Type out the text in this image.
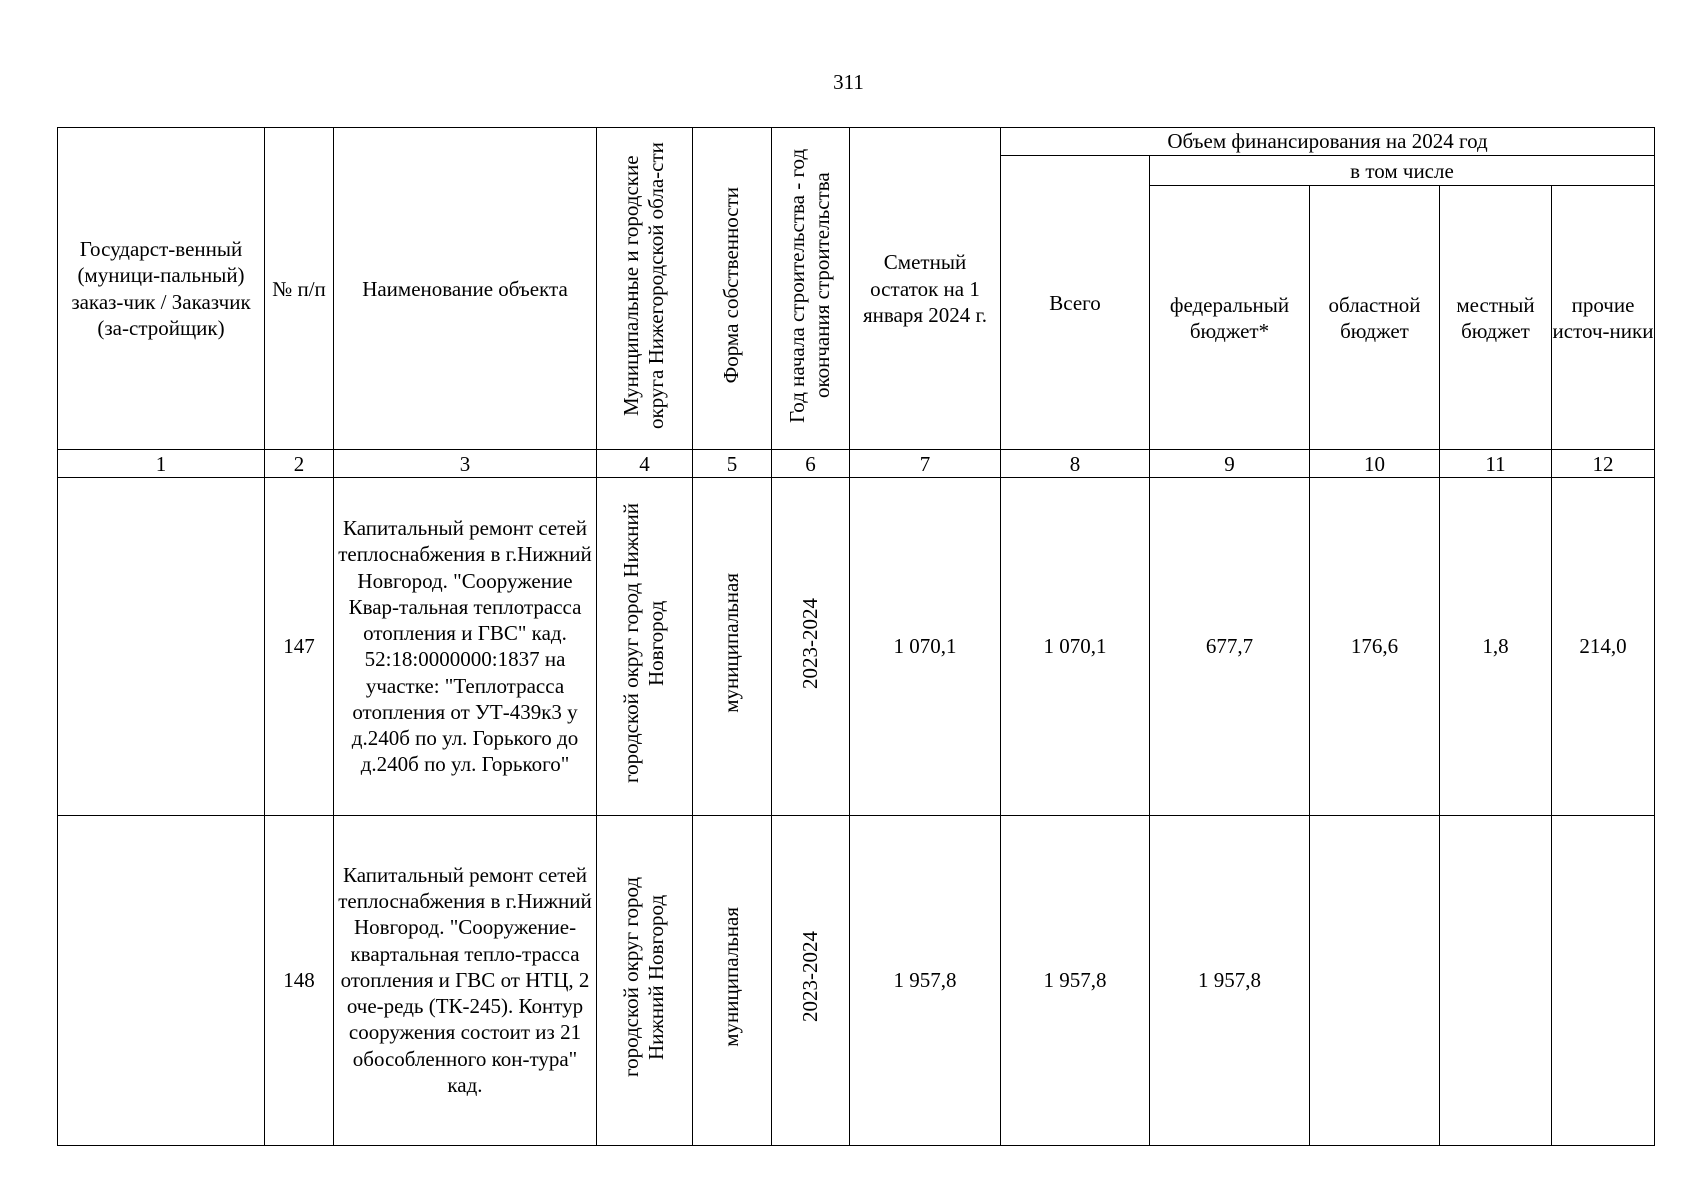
311
Государст-венный (муници-пальный) заказ-чик / Заказчик (за-стройщик)	№ п/п	Наименование объекта	Муниципальные и городские округа Нижегородской обла-сти	Форма собственности	Год начала строительства - год окончания строительства	Сметный остаток на 1 января 2024 г.	Объем финансирования на 2024 год				
							Всего	в том числе			
								федеральный бюджет*	областной бюджет	местный бюджет	прочие источ-ники
1	2	3	4	5	6	7	8	9	10	11	12
	147	Капитальный ремонт сетей теплоснабжения в г.Нижний Новгород. "Сооружение Квар-тальная теплотрасса отопления и ГВС" кад. 52:18:0000000:1837 на участке: "Теплотрасса отопления от УТ-439к3 у д.240б по ул. Горького до д.240б по ул. Горького"	городской округ город Нижний Новгород	муниципальная	2023-2024	1 070,1	1 070,1	677,7	176,6	1,8	214,0
	148	Капитальный ремонт сетей теплоснабжения в г.Нижний Новгород. "Сооружение-квартальная тепло-трасса отопления и ГВС от НТЦ, 2 оче-редь (ТК-245). Контур сооружения состоит из 21 обособленного кон-тура" кад.	городской округ город Нижний Новгород	муниципальная	2023-2024	1 957,8	1 957,8	1 957,8			
